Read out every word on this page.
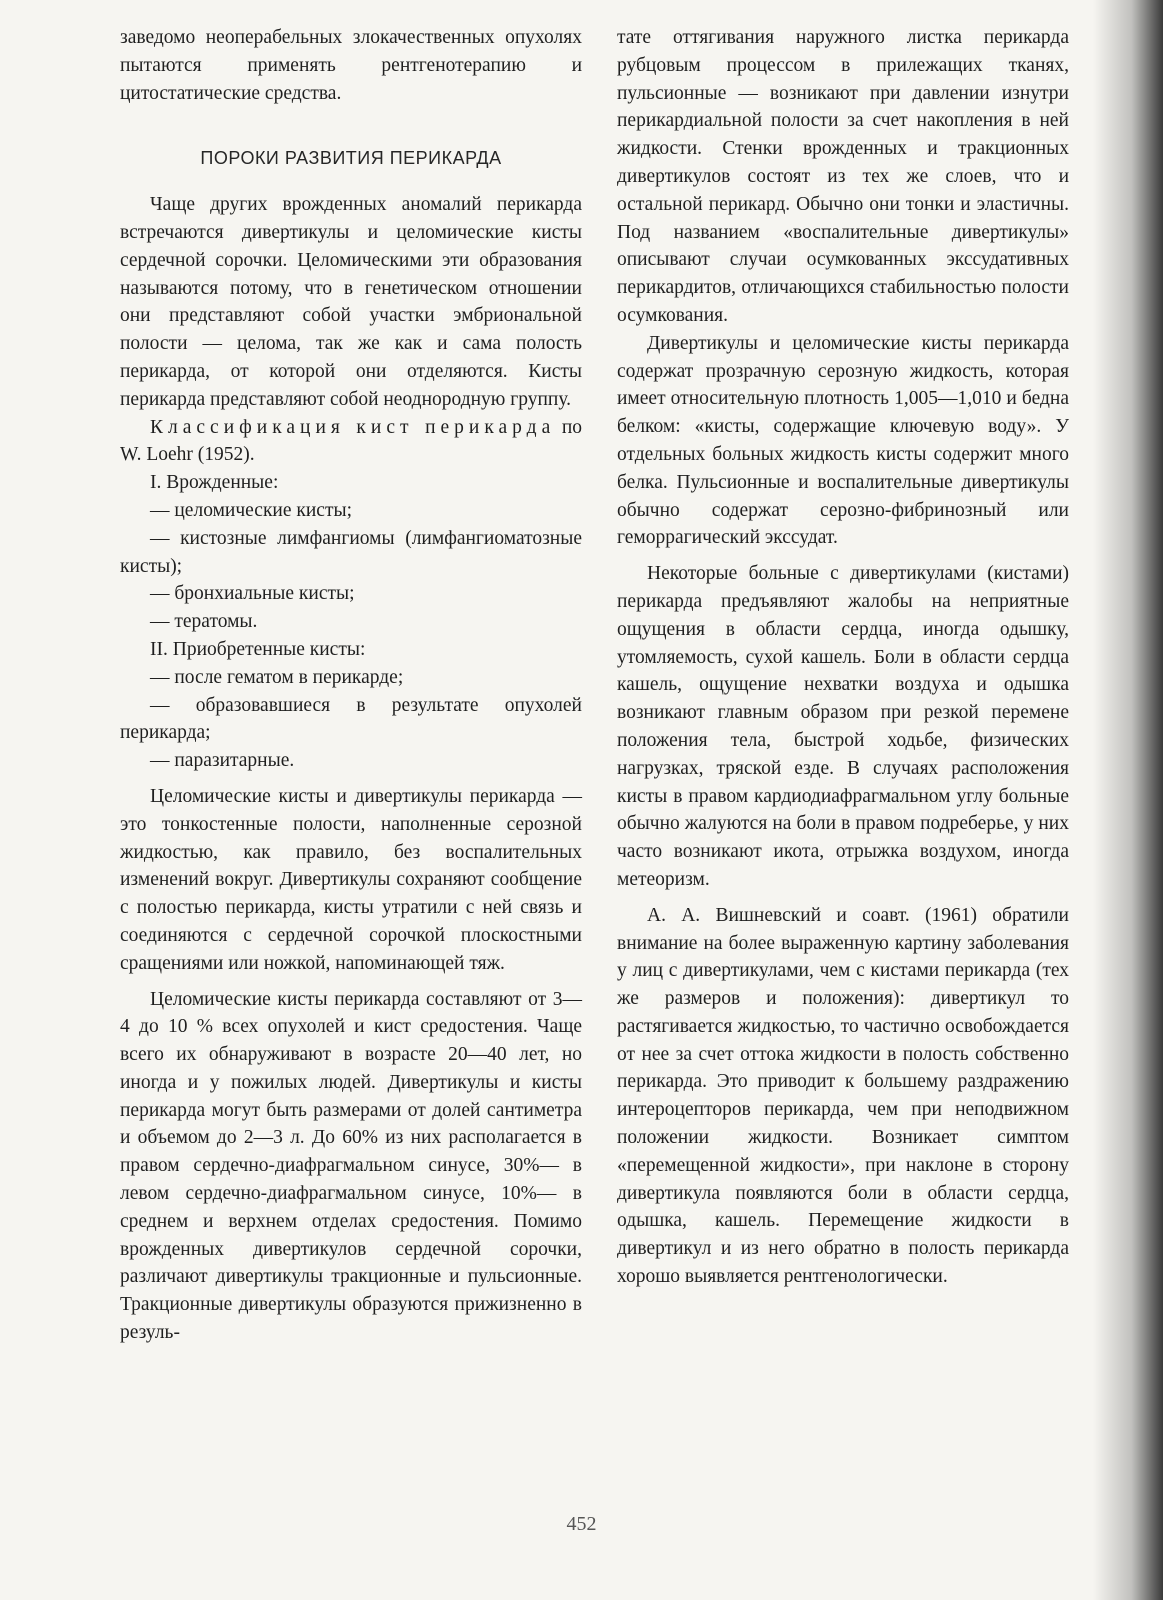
заведомо неоперабельных злокачественных опухолях пытаются применять рентгенотерапию и цитостатические средства.

ПОРОКИ РАЗВИТИЯ ПЕРИКАРДА

Чаще других врожденных аномалий перикарда встречаются дивертикулы и целомические кисты сердечной сорочки. Целомическими эти образования называются потому, что в генетическом отношении они представляют собой участки эмбриональной полости — целома, так же как и сама полость перикарда, от которой они отделяются. Кисты перикарда представляют собой неоднородную группу.

Классификация кист перикарда по W. Loehr (1952).

I. Врожденные:

— целомические кисты;

— кистозные лимфангиомы (лимфангиоматозные кисты);

— бронхиальные кисты;

— тератомы.

II. Приобретенные кисты:

— после гематом в перикарде;

— образовавшиеся в результате опухолей перикарда;

— паразитарные.

Целомические кисты и дивертикулы перикарда — это тонкостенные полости, наполненные серозной жидкостью, как правило, без воспалительных изменений вокруг. Дивертикулы сохраняют сообщение с полостью перикарда, кисты утратили с ней связь и соединяются с сердечной сорочкой плоскостными сращениями или ножкой, напоминающей тяж.

Целомические кисты перикарда составляют от 3—4 до 10 % всех опухолей и кист средостения. Чаще всего их обнаруживают в возрасте 20—40 лет, но иногда и у пожилых людей. Дивертикулы и кисты перикарда могут быть размерами от долей сантиметра и объемом до 2—3 л. До 60% из них располагается в правом сердечно-диафрагмальном синусе, 30%— в левом сердечно-диафрагмальном синусе, 10%— в среднем и верхнем отделах средостения. Помимо врожденных дивертикулов сердечной сорочки, различают дивертикулы тракционные и пульсионные. Тракционные дивертикулы образуются прижизненно в резуль-

тате оттягивания наружного листка перикарда рубцовым процессом в прилежащих тканях, пульсионные — возникают при давлении изнутри перикардиальной полости за счет накопления в ней жидкости. Стенки врожденных и тракционных дивертикулов состоят из тех же слоев, что и остальной перикард. Обычно они тонки и эластичны. Под названием «воспалительные дивертикулы» описывают случаи осумкованных экссудативных перикардитов, отличающихся стабильностью полости осумкования.

Дивертикулы и целомические кисты перикарда содержат прозрачную серозную жидкость, которая имеет относительную плотность 1,005—1,010 и бедна белком: «кисты, содержащие ключевую воду». У отдельных больных жидкость кисты содержит много белка. Пульсионные и воспалительные дивертикулы обычно содержат серозно-фибринозный или геморрагический экссудат.

Некоторые больные с дивертикулами (кистами) перикарда предъявляют жалобы на неприятные ощущения в области сердца, иногда одышку, утомляемость, сухой кашель. Боли в области сердца кашель, ощущение нехватки воздуха и одышка возникают главным образом при резкой перемене положения тела, быстрой ходьбе, физических нагрузках, тряской езде. В случаях расположения кисты в правом кардиодиафрагмальном углу больные обычно жалуются на боли в правом подреберье, у них часто возникают икота, отрыжка воздухом, иногда метеоризм.

А. А. Вишневский и соавт. (1961) обратили внимание на более выраженную картину заболевания у лиц с дивертикулами, чем с кистами перикарда (тех же размеров и положения): дивертикул то растягивается жидкостью, то частично освобождается от нее за счет оттока жидкости в полость собственно перикарда. Это приводит к большему раздражению интероцепторов перикарда, чем при неподвижном положении жидкости. Возникает симптом «перемещенной жидкости», при наклоне в сторону дивертикула появляются боли в области сердца, одышка, кашель. Перемещение жидкости в дивертикул и из него обратно в полость перикарда хорошо выявляется рентгенологически.

452
